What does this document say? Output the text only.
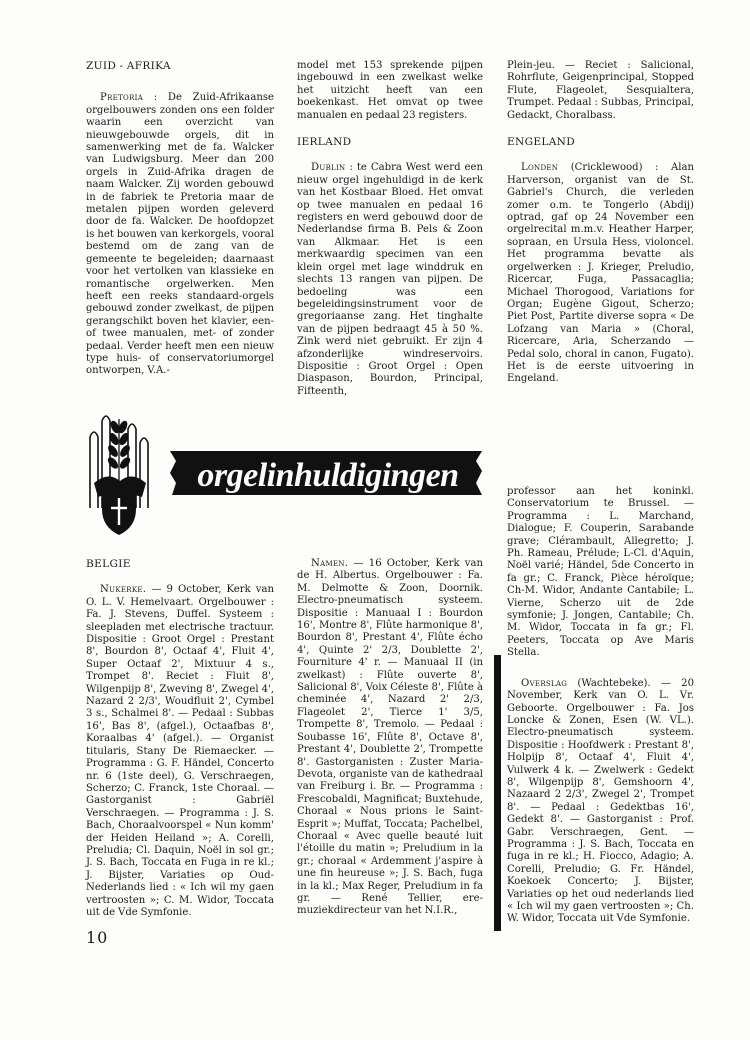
ZUID - AFRIKA

Pretoria : De Zuid-Afrikaanse orgelbouwers zonden ons een folder waarin een overzicht van nieuwgebouwde orgels, dit in samenwerking met de fa. Walcker van Ludwigsburg. Meer dan 200 orgels in Zuid-Afrika dragen de naam Walcker. Zij worden gebouwd in de fabriek te Pretoria maar de metalen pijpen worden geleverd door de fa. Walcker. De hoofdopzet is het bouwen van kerkorgels, vooral bestemd om de zang van de gemeente te begeleiden; daarnaast voor het vertolken van klassieke en romantische orgelwerken. Men heeft een reeks standaard-orgels gebouwd zonder zwelkast, de pijpen gerangschikt boven het klavier, een- of twee manualen, met- of zonder pedaal. Verder heeft men een nieuw type huis- of conservatoriumorgel ontworpen, V.A.-

model met 153 sprekende pijpen ingebouwd in een zwelkast welke het uitzicht heeft van een boekenkast. Het omvat op twee manualen en pedaal 23 registers.

IERLAND

Dublin : te Cabra West werd een nieuw orgel ingehuldigd in de kerk van het Kostbaar Bloed. Het omvat op twee manualen en pedaal 16 registers en werd gebouwd door de Nederlandse firma B. Pels & Zoon van Alkmaar. Het is een merkwaardig specimen van een klein orgel met lage winddruk en slechts 13 rangen van pijpen. De bedoeling was een begeleidingsinstrument voor de gregoriaanse zang. Het tinghalte van de pijpen bedraagt 45 à 50 %. Zink werd niet gebruikt. Er zijn 4 afzonderlijke windreservoirs. Dispositie : Groot Orgel : Open Diaspason, Bourdon, Principal, Fifteenth,

Plein-jeu. — Reciet : Salicional, Rohrflute, Geigenprincipal, Stopped Flute, Flageolet, Sesquialtera, Trumpet. Pedaal : Subbas, Principal, Gedackt, Choralbass.

ENGELAND

Londen (Cricklewood) : Alan Harverson, organist van de St. Gabriel's Church, die verleden zomer o.m. te Tongerlo (Abdij) optrad, gaf op 24 November een orgelrecital m.m.v. Heather Harper, sopraan, en Ursula Hess, violoncel. Het programma bevatte als orgelwerken : J. Krieger, Preludio, Ricercar, Fuga, Passacaglia; Michael Thorogood, Variations for Organ; Eugène Gigout, Scherzo; Piet Post, Partite diverse sopra « De Lofzang van Maria » (Choral, Ricercare, Aria, Scherzando — Pedal solo, choral in canon, Fugato). Het is de eerste uitvoering in Engeland.

orgelinhuldigingen

BELGIE

Nukerke. — 9 October, Kerk van O. L. V. Hemelvaart. Orgelbouwer : Fa. J. Stevens, Duffel. Systeem : sleepladen met electrische tractuur. Dispositie : Groot Orgel : Prestant 8', Bourdon 8', Octaaf 4', Fluit 4', Super Octaaf 2', Mixtuur 4 s., Trompet 8'. Reciet : Fluit 8', Wilgenpijp 8', Zweving 8', Zwegel 4', Nazard 2 2/3', Woudfluit 2', Cymbel 3 s., Schalmei 8'. — Pedaal : Subbas 16', Bas 8', (afgel.), Octaafbas 8', Koraalbas 4' (afgel.). — Organist titularis, Stany De Riemaecker. — Programma : G. F. Händel, Concerto nr. 6 (1ste deel), G. Verschraegen, Scherzo; C. Franck, 1ste Choraal. — Gastorganist : Gabriël Verschraegen. — Programma : J. S. Bach, Choraalvoorspel « Nun komm' der Heiden Heiland »; A. Corelli, Preludia; Cl. Daquin, Noël in sol gr.; J. S. Bach, Toccata en Fuga in re kl.; J. Bijster, Variaties op Oud-Nederlands lied : « Ich wil my gaen vertroosten »; C. M. Widor, Toccata uit de Vde Symfonie.

Namen. — 16 October, Kerk van de H. Albertus. Orgelbouwer : Fa. M. Delmotte & Zoon, Doornik. Electro-pneumatisch systeem. Dispositie : Manuaal I : Bourdon 16', Montre 8', Flûte harmonique 8', Bourdon 8', Prestant 4', Flûte écho 4', Quinte 2' 2/3, Doublette 2', Fourniture 4' r. — Manuaal II (in zwelkast) : Flûte ouverte 8', Salicional 8', Voix Céleste 8', Flûte à cheminée 4', Nazard 2' 2/3, Flageolet 2', Tierce 1' 3/5, Trompette 8', Tremolo. — Pedaal : Soubasse 16', Flûte 8', Octave 8', Prestant 4', Doublette 2', Trompette 8'. Gastorganisten : Zuster Maria-Devota, organiste van de kathedraal van Freiburg i. Br. — Programma : Frescobaldi, Magnificat; Buxtehude, Choraal « Nous prions le Saint-Esprit »; Muffat, Toccata; Pachelbel, Choraal « Avec quelle beauté luit l'étoille du matin »; Preludium in la gr.; choraal « Ardemment j'aspire à une fin heureuse »; J. S. Bach, fuga in la kl.; Max Reger, Preludium in fa gr. — René Tellier, ere-muziekdirecteur van het N.I.R.,

professor aan het koninkl. Conservatorium te Brussel. — Programma : L. Marchand, Dialogue; F. Couperin, Sarabande grave; Clérambault, Allegretto; J. Ph. Rameau, Prélude; L-Cl. d'Aquin, Noël varié; Händel, 5de Concerto in fa gr.; C. Franck, Pièce héroïque; Ch-M. Widor, Andante Cantabile; L. Vierne, Scherzo uit de 2de symfonie; J. Jongen, Cantabile; Ch. M. Widor, Toccata in fa gr.; Fl. Peeters, Toccata op Ave Maris Stella.

Overslag (Wachtebeke). — 20 November, Kerk van O. L. Vr. Geboorte. Orgelbouwer : Fa. Jos Loncke & Zonen, Esen (W. VL.). Electro-pneumatisch systeem. Dispositie : Hoofdwerk : Prestant 8', Holpijp 8', Octaaf 4', Fluit 4', Vulwerk 4 k. — Zwelwerk : Gedekt 8', Wilgenpijp 8', Gemshoorn 4', Nazaard 2 2/3', Zwegel 2', Trompet 8'. — Pedaal : Gedektbas 16', Gedekt 8'. — Gastorganist : Prof. Gabr. Verschraegen, Gent. — Programma : J. S. Bach, Toccata en fuga in re kl.; H. Fiocco, Adagio; A. Corelli, Preludio; G. Fr. Händel, Koekoek Concerto; J. Bijster, Variaties op het oud nederlands lied « Ich wil my gaen vertroosten »; Ch. W. Widor, Toccata uit Vde Symfonie.

10
